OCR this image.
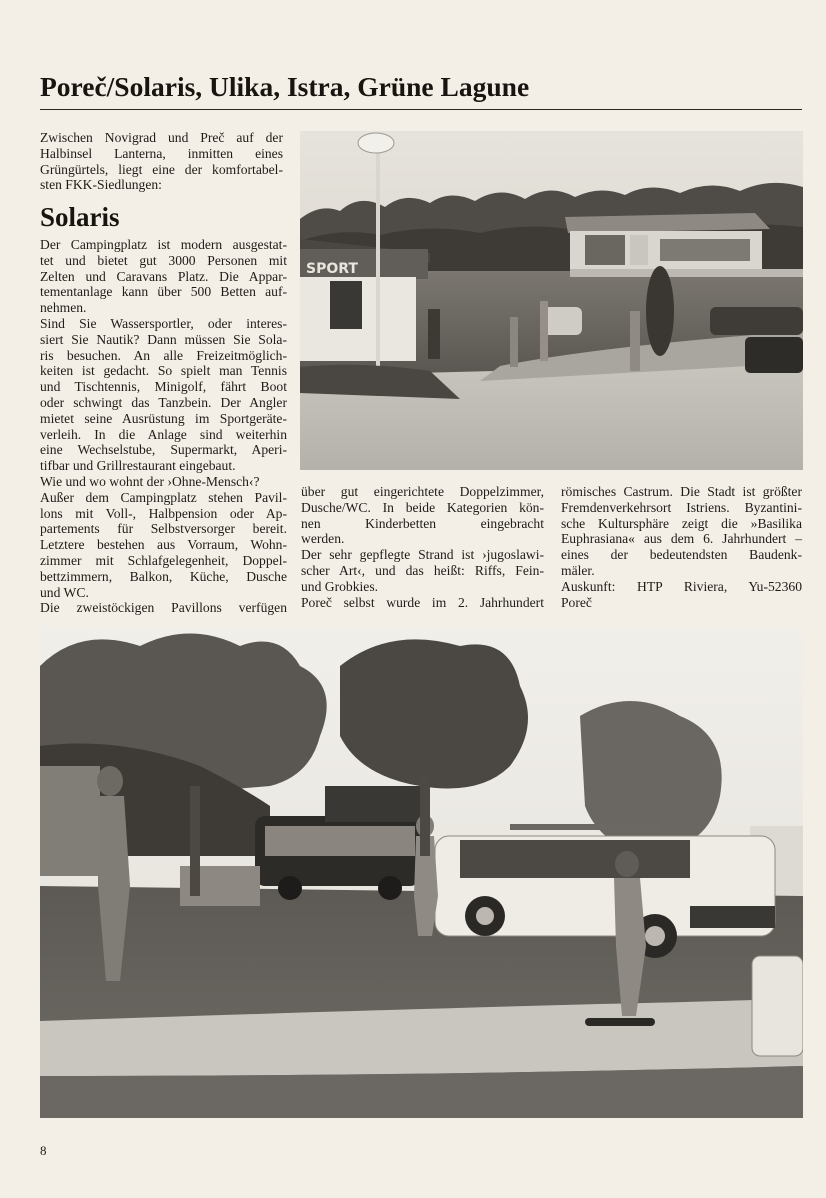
Poreč/Solaris, Ulika, Istra, Grüne Lagune
Zwischen Novigrad und Preč auf der
Halbinsel Lanterna, inmitten eines
Grüngürtels, liegt eine der komfortabel-
sten FKK-Siedlungen:
Solaris
Der Campingplatz ist modern ausgestat-
tet und bietet gut 3000 Personen mit
Zelten und Caravans Platz. Die Appar-
tementanlage kann über 500 Betten auf-
nehmen.
Sind Sie Wassersportler, oder interes-
siert Sie Nautik? Dann müssen Sie Sola-
ris besuchen. An alle Freizeitmöglich-
keiten ist gedacht. So spielt man Tennis
und Tischtennis, Minigolf, fährt Boot
oder schwingt das Tanzbein. Der Angler
mietet seine Ausrüstung im Sportgeräte-
verleih. In die Anlage sind weiterhin
eine Wechselstube, Supermarkt, Aperi-
tifbar und Grillrestaurant eingebaut.
Wie und wo wohnt der ›Ohne-Mensch‹?
Außer dem Campingplatz stehen Pavil-
lons mit Voll-, Halbpension oder Ap-
partements für Selbstversorger bereit.
Letztere bestehen aus Vorraum, Wohn-
zimmer mit Schlafgelegenheit, Doppel-
bettzimmern, Balkon, Küche, Dusche
und WC.
Die zweistöckigen Pavillons verfügen
über gut eingerichtete Doppelzimmer,
Dusche/WC. In beide Kategorien kön-
nen Kinderbetten eingebracht
werden.
Der sehr gepflegte Strand ist ›jugoslawi-
scher Art‹, und das heißt: Riffs, Fein-
und Grobkies.
Poreč selbst wurde im 2. Jahrhundert
römisches Castrum. Die Stadt ist größter
Fremdenverkehrsort Istriens. Byzantini-
sche Kultursphäre zeigt die »Basilika
Euphrasiana« aus dem 6. Jahrhundert –
eines der bedeutendsten Baudenk-
mäler.
Auskunft: HTP Riviera, Yu-52360
Poreč
SPORT
8
